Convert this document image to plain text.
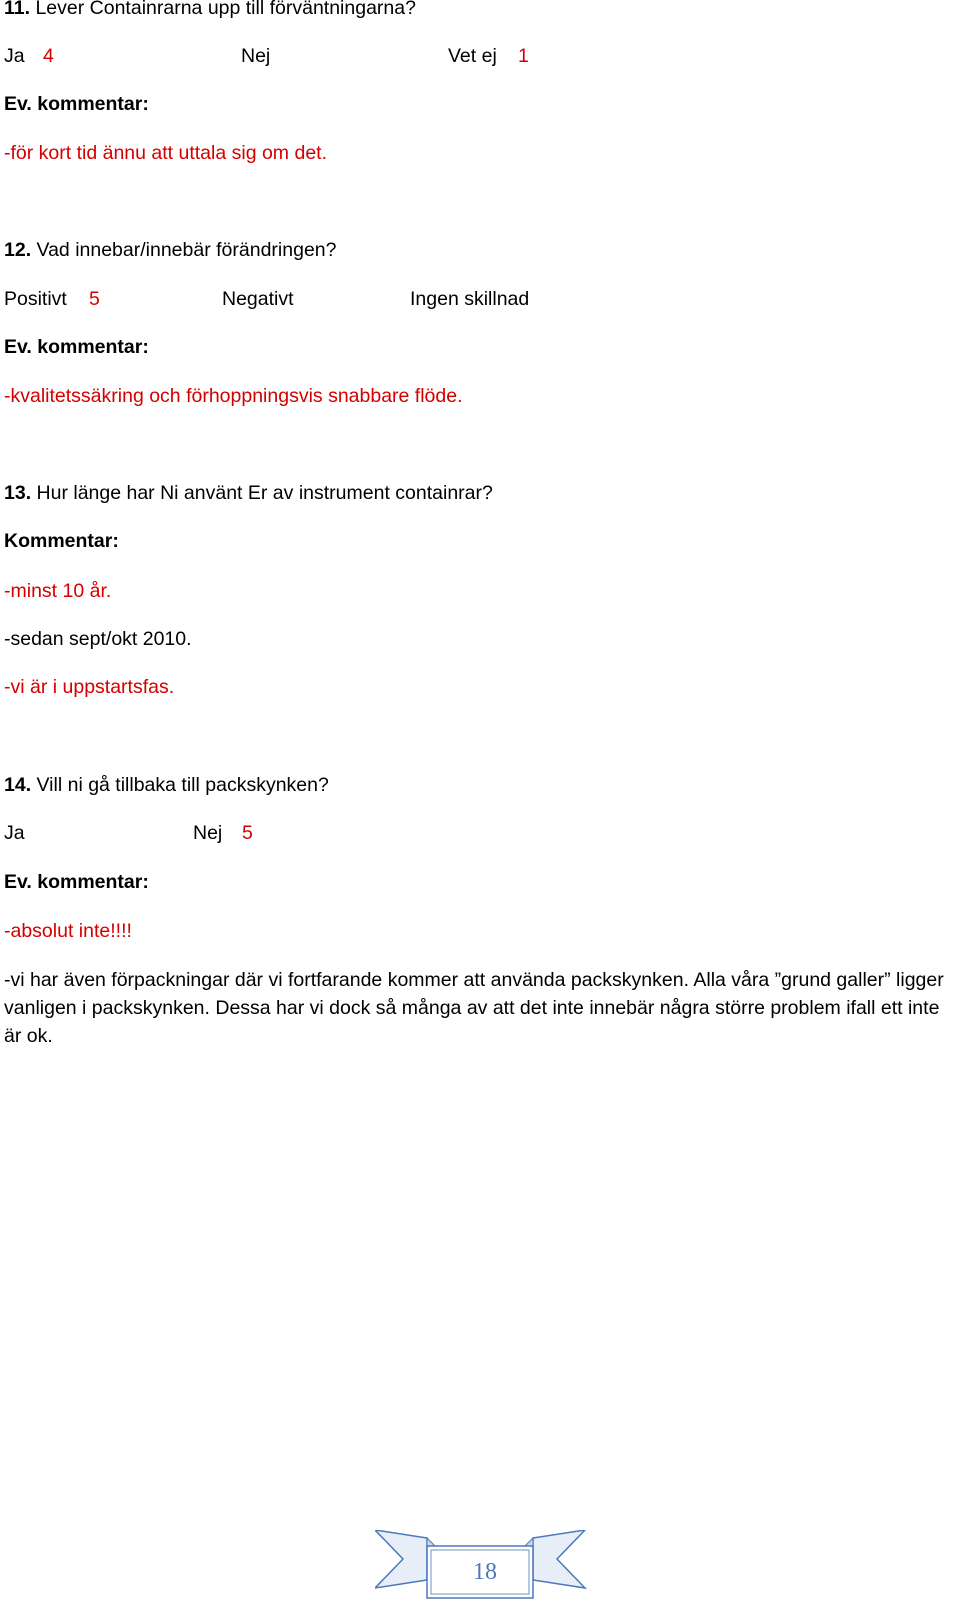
11. Lever Containrarna upp till förväntningarna?
Ja 4	Nej	Vet ej 1
Ev. kommentar:
-för kort tid ännu att uttala sig om det.
12. Vad innebar/innebär förändringen?
Positivt 5	Negativt	Ingen skillnad
Ev. kommentar:
-kvalitetssäkring och förhoppningsvis snabbare flöde.
13. Hur länge har Ni använt Er av instrument containrar?
Kommentar:
-minst 10 år.
-sedan sept/okt 2010.
-vi är i uppstartsfas.
14. Vill ni gå tillbaka till packskynken?
Ja	Nej 5
Ev. kommentar:
-absolut inte!!!!
-vi har även förpackningar där vi fortfarande kommer att använda packskynken. Alla våra ”grund galler” ligger vanligen i packskynken. Dessa har vi dock så många av att det inte innebär några större problem ifall ett inte är ok.
18
